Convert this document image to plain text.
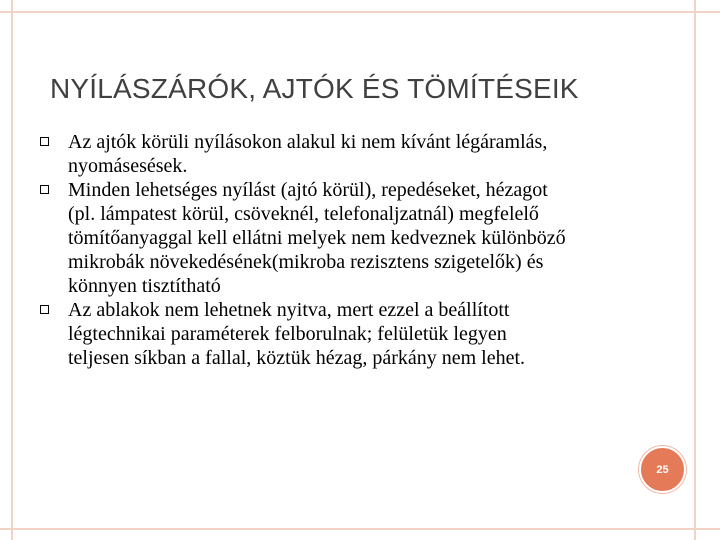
NYÍLÁSZÁRÓK, AJTÓK ÉS TÖMÍTÉSEIK
Az ajtók körüli nyílásokon alakul ki nem kívánt légáramlás,
nyomásesések.
Minden lehetséges nyílást (ajtó körül), repedéseket, hézagot
(pl. lámpatest körül, csöveknél, telefonaljzatnál) megfelelő
tömítőanyaggal kell ellátni melyek nem kedveznek különböző
mikrobák növekedésének(mikroba rezisztens szigetelők) és
könnyen tisztítható
Az ablakok nem lehetnek nyitva, mert ezzel a beállított
légtechnikai paraméterek felborulnak; felületük legyen
teljesen síkban a fallal, köztük hézag, párkány nem lehet.
25
